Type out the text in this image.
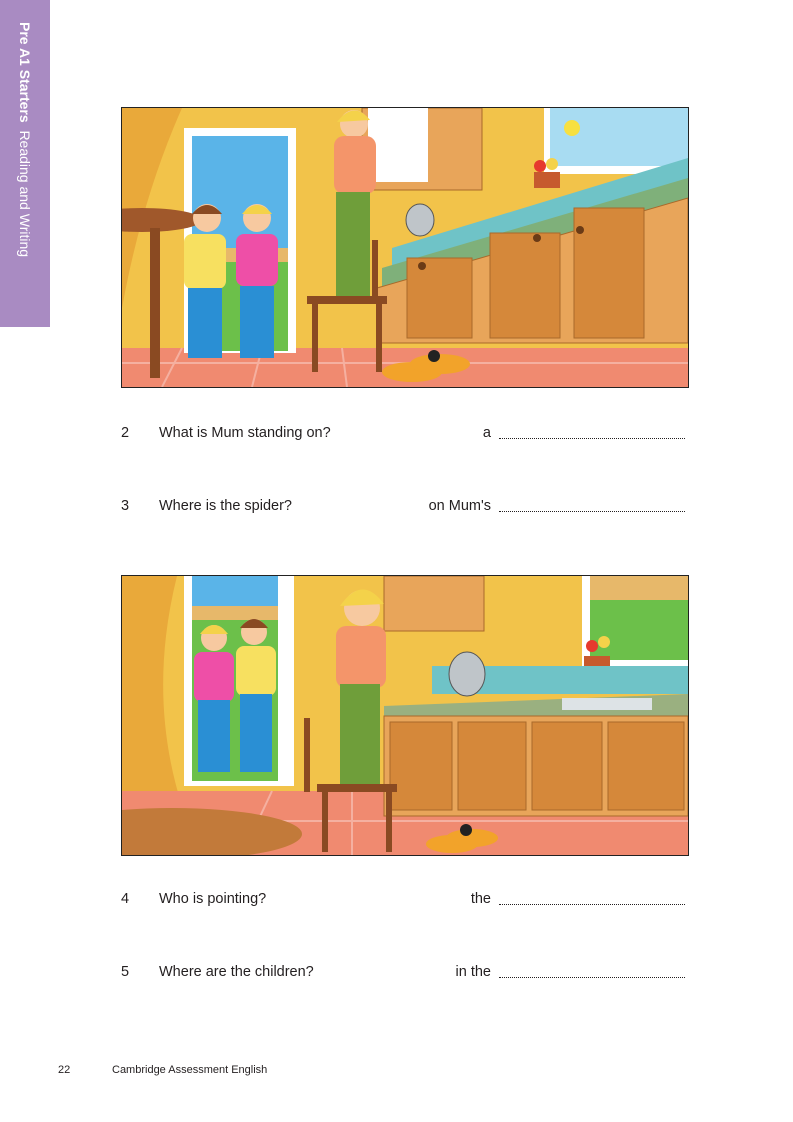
Pre A1 Starters  Reading and Writing
2 What is Mum standing on?	a
3 Where is the spider?	on Mum's
4 Who is pointing?	the
5 Where are the children?	in the
22	Cambridge Assessment English
